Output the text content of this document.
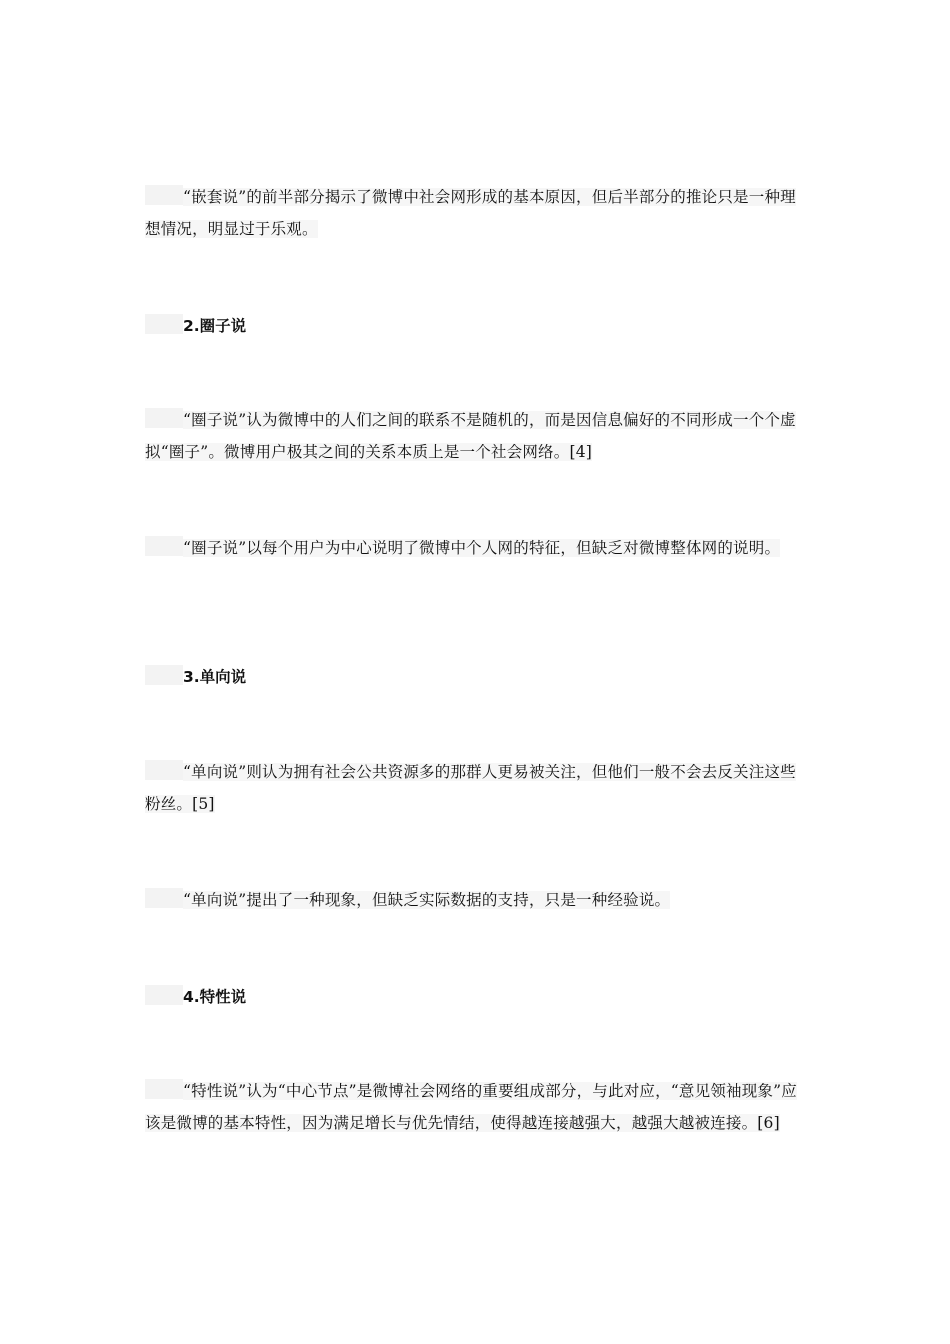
“嵌套说”的前半部分揭示了微博中社会网形成的基本原因，但后半部分的推论只是一种理想情况，明显过于乐观。

2.圈子说

“圈子说”认为微博中的人们之间的联系不是随机的，而是因信息偏好的不同形成一个个虚拟“圈子”。微博用户极其之间的关系本质上是一个社会网络。[4]

“圈子说”以每个用户为中心说明了微博中个人网的特征，但缺乏对微博整体网的说明。

3.单向说

“单向说”则认为拥有社会公共资源多的那群人更易被关注，但他们一般不会去反关注这些粉丝。[5]

“单向说”提出了一种现象，但缺乏实际数据的支持，只是一种经验说。

4.特性说

“特性说”认为“中心节点”是微博社会网络的重要组成部分，与此对应，“意见领袖现象”应该是微博的基本特性，因为满足增长与优先情结，使得越连接越强大，越强大越被连接。[6]
